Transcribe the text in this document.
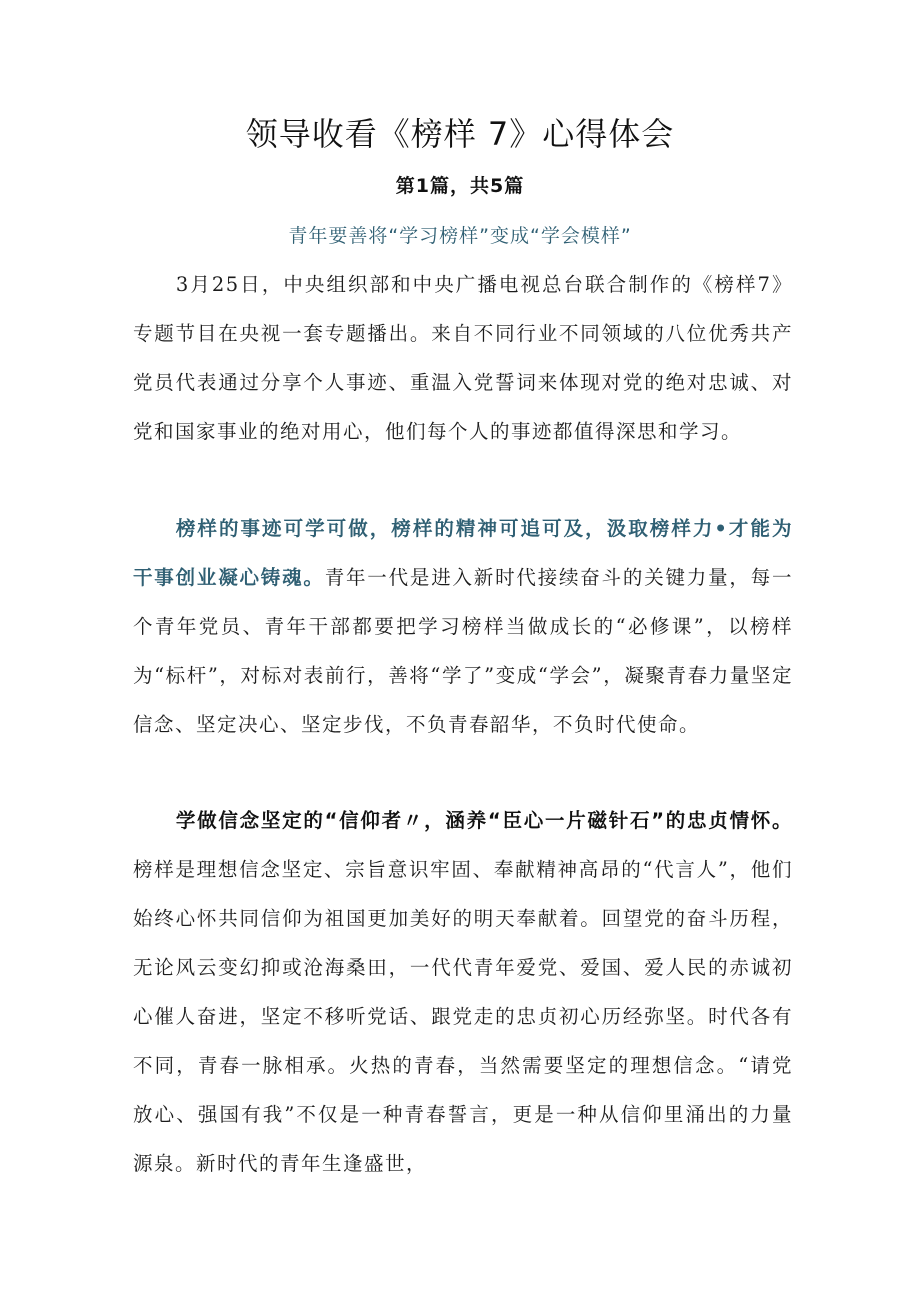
领导收看《榜样 7》心得体会
第1篇，共5篇
青年要善将“学习榜样”变成“学会模样”

3月25日，中央组织部和中央广播电视总台联合制作的《榜样7》专题节目在央视一套专题播出。来自不同行业不同领域的八位优秀共产党员代表通过分享个人事迹、重温入党誓词来体现对党的绝对忠诚、对党和国家事业的绝对用心，他们每个人的事迹都值得深思和学习。

榜样的事迹可学可做，榜样的精神可追可及，汲取榜样力•才能为干事创业凝心铸魂。青年一代是进入新时代接续奋斗的关键力量，每一个青年党员、青年干部都要把学习榜样当做成长的“必修课”，以榜样为“标杆”，对标对表前行，善将“学了”变成“学会”，凝聚青春力量坚定信念、坚定决心、坚定步伐，不负青春韶华，不负时代使命。

学做信念坚定的“信仰者〃，涵养“臣心一片磁针石”的忠贞情怀。榜样是理想信念坚定、宗旨意识牢固、奉献精神高昂的“代言人”，他们始终心怀共同信仰为祖国更加美好的明天奉献着。回望党的奋斗历程，无论风云变幻抑或沧海桑田，一代代青年爱党、爱国、爱人民的赤诚初心催人奋进，坚定不移听党话、跟党走的忠贞初心历经弥坚。时代各有不同，青春一脉相承。火热的青春，当然需要坚定的理想信念。“请党放心、强国有我”不仅是一种青春誓言，更是一种从信仰里涌出的力量源泉。新时代的青年生逢盛世，
